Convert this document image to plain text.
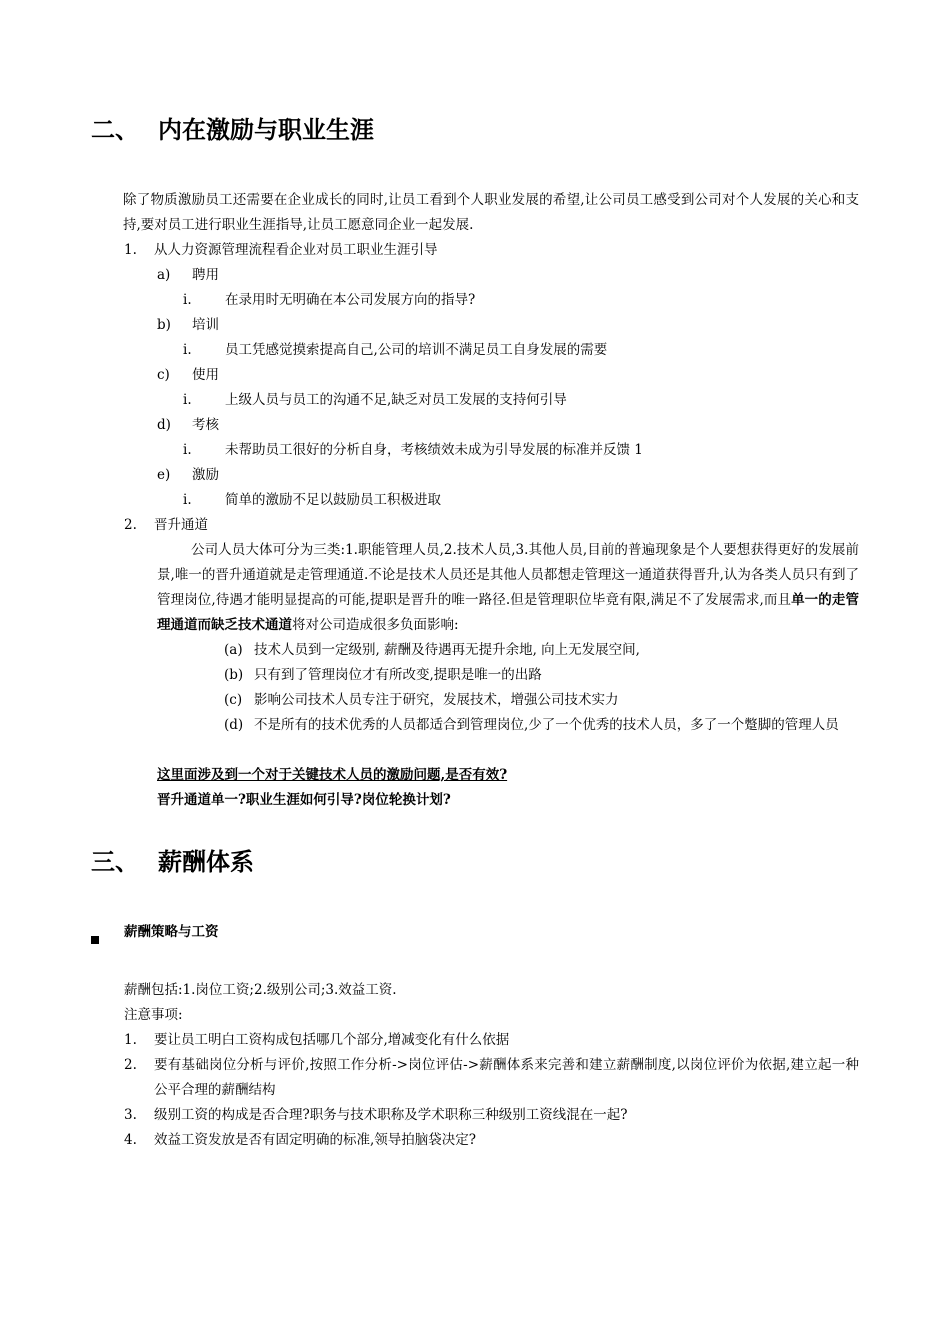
二、 内在激励与职业生涯
除了物质激励员工还需要在企业成长的同时,让员工看到个人职业发展的希望,让公司员工感受到公司对个人发展的关心和支持,要对员工进行职业生涯指导,让员工愿意同企业一起发展.
1. 从人力资源管理流程看企业对员工职业生涯引导
a) 聘用
i. 在录用时无明确在本公司发展方向的指导?
b) 培训
i. 员工凭感觉摸索提高自己,公司的培训不满足员工自身发展的需要
c) 使用
i. 上级人员与员工的沟通不足,缺乏对员工发展的支持何引导
d) 考核
i. 未帮助员工很好的分析自身，考核绩效未成为引导发展的标准并反馈 1
e) 激励
i. 简单的激励不足以鼓励员工积极进取
2. 晋升通道
公司人员大体可分为三类:1.职能管理人员,2.技术人员,3.其他人员,目前的普遍现象是个人要想获得更好的发展前景,唯一的晋升通道就是走管理通道.不论是技术人员还是其他人员都想走管理这一通道获得晋升,认为各类人员只有到了管理岗位,待遇才能明显提高的可能,提职是晋升的唯一路径.但是管理职位毕竟有限,满足不了发展需求,而且单一的走管理通道而缺乏技术通道将对公司造成很多负面影响:
(a) 技术人员到一定级别, 薪酬及待遇再无提升余地, 向上无发展空间,
(b) 只有到了管理岗位才有所改变,提职是唯一的出路
(c) 影响公司技术人员专注于研究，发展技术，增强公司技术实力
(d) 不是所有的技术优秀的人员都适合到管理岗位,少了一个优秀的技术人员，多了一个蹩脚的管理人员
这里面涉及到一个对于关键技术人员的激励问题,是否有效?
晋升通道单一?职业生涯如何引导?岗位轮换计划?
三、 薪酬体系
薪酬策略与工资
薪酬包括:1.岗位工资;2.级别公司;3.效益工资.
注意事项:
1. 要让员工明白工资构成包括哪几个部分,增减变化有什么依据
2. 要有基础岗位分析与评价,按照工作分析->岗位评估->薪酬体系来完善和建立薪酬制度,以岗位评价为依据,建立起一种公平合理的薪酬结构
3. 级别工资的构成是否合理?职务与技术职称及学术职称三种级别工资线混在一起?
4. 效益工资发放是否有固定明确的标准,领导拍脑袋决定?
